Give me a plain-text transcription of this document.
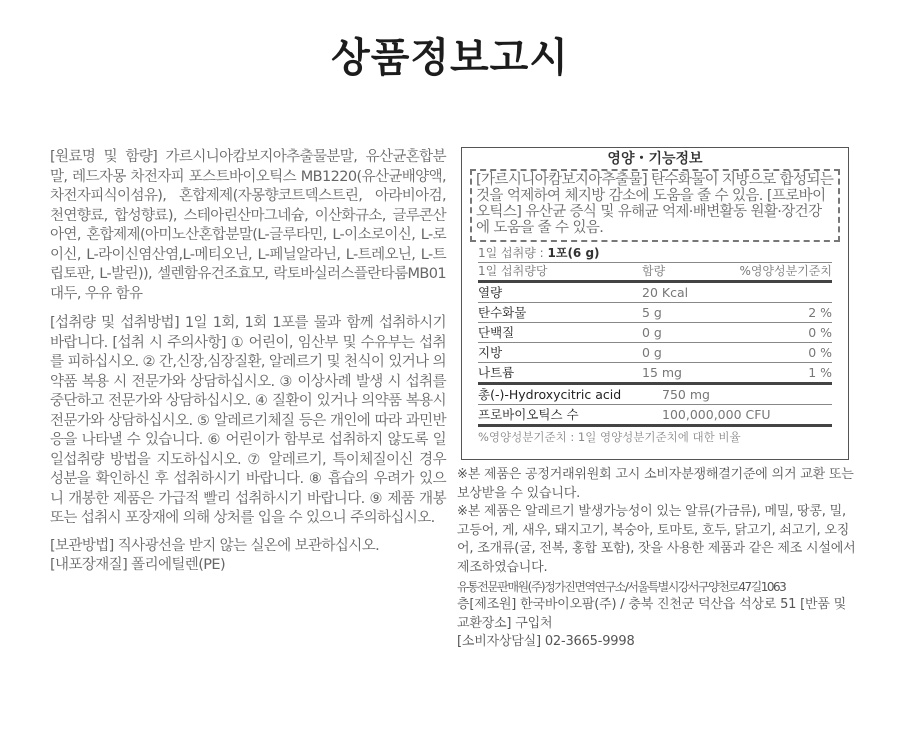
상품정보고시

[원료명 및 함량] 가르시니아캄보지아추출물분말, 유산균혼합분말, 레드자몽 차전자피 포스트바이오틱스 MB1220(유산균배양액, 차전자피식이섬유), 혼합제제(자몽향코트덱스트린, 아라비아검, 천연향료, 합성향료), 스테아린산마그네슘, 이산화규소, 글루콘산아연, 혼합제제(아미노산혼합분말(L-글루타민, L-이소로이신, L-로이신, L-라이신염산염,L-메티오닌, L-페닐알라닌, L-트레오닌, L-트립토판, L-발린)), 셀렌함유건조효모, 락토바실러스플란타룸MB01 대두, 우유 함유

[섭취량 및 섭취방법] 1일 1회, 1회 1포를 물과 함께 섭취하시기 바랍니다. [섭취 시 주의사항] ① 어린이, 임산부 및 수유부는 섭취를 피하십시오. ② 간,신장,심장질환, 알레르기 및 천식이 있거나 의약품 복용 시 전문가와 상담하십시오. ③ 이상사례 발생 시 섭취를 중단하고 전문가와 상담하십시오. ④ 질환이 있거나 의약품 복용시 전문가와 상담하십시오. ⑤ 알레르기체질 등은 개인에 따라 과민반응을 나타낼 수 있습니다. ⑥ 어린이가 함부로 섭취하지 않도록 일일섭취량 방법을 지도하십시오. ⑦ 알레르기, 특이체질이신 경우 성분을 확인하신 후 섭취하시기 바랍니다. ⑧ 흡습의 우려가 있으니 개봉한 제품은 가급적 빨리 섭취하시기 바랍니다. ⑨ 제품 개봉 또는 섭취시 포장재에 의해 상처를 입을 수 있으니 주의하십시오.

[보관방법] 직사광선을 받지 않는 실온에 보관하십시오.

[내포장재질] 폴리에틸렌(PE)

영양・기능정보
[가르시니아캄보지아추출물] 탄수화물이 지방으로 합성되는 것을 억제하여 체지방 감소에 도움을 줄 수 있음. [프로바이오틱스] 유산균 증식 및 유해균 억제·배변활동 원활·장건강에 도움을 줄 수 있음.
1일 섭취량 : 1포(6 g)
1일 섭취량당	함량	%영양성분기준치
열량	20 Kcal
탄수화물	5 g	2 %
단백질	0 g	0 %
지방	0 g	0 %
나트륨	15 mg	1 %
총(-)-Hydroxycitric acid	750 mg
프로바이오틱스 수	100,000,000 CFU
%영양성분기준치 : 1일 영양성분기준치에 대한 비율

※본 제품은 공정거래위원회 고시 소비자분쟁해결기준에 의거 교환 또는 보상받을 수 있습니다.

※본 제품은 알레르기 발생가능성이 있는 알류(가금류), 메밀, 땅콩, 밀, 고등어, 게, 새우, 돼지고기, 복숭아, 토마토, 호두, 닭고기, 쇠고기, 오징어, 조개류(굴, 전복, 홍합 포함), 잣을 사용한 제품과 같은 제조 시설에서 제조하였습니다.

유통전문판매원(주)정가진면역연구소/서울특별시강서구양천로47길1063

층[제조원] 한국바이오팜(주) / 충북 진천군 덕산읍 석상로 51 [반품 및 교환장소] 구입처

[소비자상담실] 02-3665-9998
